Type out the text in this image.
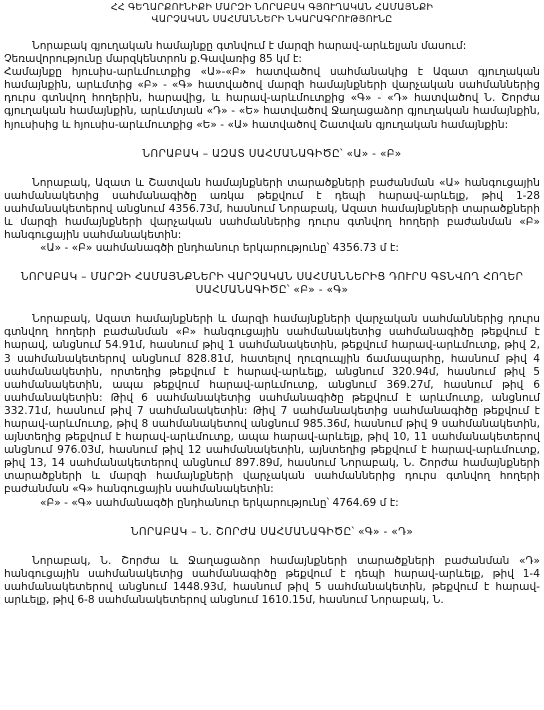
ՀՀ ԳԵՂԱՐՔՈՒՆԻՔԻ ՄԱՐԶԻ ՆՈՐԱԲԱԿ ԳՅՈՒՂԱԿԱՆ ՀԱՄԱՅՆՔԻ
ՎԱՐՉԱԿԱՆ ՍԱՀՄԱՆՆԵՐԻ ՆԿԱՐԱԳՐՈՒԹՅՈՒՆԸ

Նորաբակ գյուղական համայնքը գտնվում է մարզի հարավ-արևելյան մասում:

Չեռավորությունը մարզկենտրոն ք.Գավառից 85 կմ է:

Համայնքը հյուսիս-արևմուտքից «Ա»-«Բ» հատվածով սահմանակից է Ազատ գյուղական համայնքին, արևմտից «Բ» - «Գ» հատվածով մարզի համայնքների վարչական սահմաններից դուրս գտնվող հողերին, հարավից, և հարավ-արևմուտքից «Գ» - «Դ» հատվածով Ն. Շորժա գյուղական համայնքին, արևմտյան «Դ» - «Ե» հատվածով Ջաղացաձոր գյուղական համայնքին, հյուսիսից և հյուսիս-արևմուտքից «Ե» - «Ա» հատվածով Շատվան գյուղական համայնքին:

ՆՈՐԱԲԱԿ – ԱԶԱՏ ՍԱՀՄԱՆԱԳԻԾԸ՝ «Ա» - «Բ»

Նորաբակ, Ազատ և Շատվան համայնքների տարածքների բաժանման «Ա» հանգուցային սահմանակետից սահմանագիծը առկա թեքվում է դեպի հարավ-արևելք, թիվ 1-28 սահմանակետերով անցնում 4356.73մ, հասնում Նորաբակ, Ազատ համայնքների տարածքների և մարզի համայնքների վարչական սահմաններից դուրս գտնվող հողերի բաժանման «Բ» հանգուցային սահմանակետին:

«Ա» - «Բ» սահմանագծի ընդհանուր երկարությունը՝ 4356.73 մ է:

ՆՈՐԱԲԱԿ – ՄԱՐԶԻ ՀԱՄԱՅՆՔՆԵՐԻ ՎԱՐՉԱԿԱՆ ՍԱՀՄԱՆՆԵՐԻՑ ԴՈՒՐՍ ԳՏՆՎՈՂ ՀՈՂԵՐ
ՍԱՀՄԱՆԱԳԻԾԸ՝ «Բ» - «Գ»

Նորաբակ, Ազատ համայնքների և մարզի համայնքների վարչական սահմաններից դուրս գտնվող հողերի բաժանման «Բ» հանգուցային սահմանակետից սահմանագիծը թեքվում է հարավ, անցնում 54.91մ, հասնում թիվ 1 սահմանակետին, թեքվում հարավ-արևմուտք, թիվ 2, 3 սահմանակետերով անցնում 828.81մ, հատելով ղուզուպյին ճամապարհը, հասնում թիվ 4 սահմանակետին, որտեղից թեքվում է հարավ-արևելք, անցնում 320.94մ, հասնում թիվ 5 սահմանակետին, ապա թեքվում հարավ-արևմուտք, անցնում 369.27մ, հասնում թիվ 6 սահմանակետին: Թիվ 6 սահմանակետից սահմանագիծը թեքվում է արևմուտք, անցնում 332.71մ, հասնում թիվ 7 սահմանակետին: Թիվ 7 սահմանակետից սահմանագիծը թեքվում է հարավ-արևմուտք, թիվ 8 սահմանակետով անցնում 985.36մ, հասնում թիվ 9 սահմանակետին, այնտեղից թեքվում է հարավ-արևմուտք, ապա հարավ-արևելք, թիվ 10, 11 սահմանակետերով անցնում 976.03մ, հասնում թիվ 12 սահմանակետին, այնտեղից թեքվում է հարավ-արևմուտք, թիվ 13, 14 սահմանակետերով անցնում 897.89մ, հասնում Նորաբակ, Ն. Շորժա համայնքների տարածքների և մարզի համայնքների վարչական սահմաններից դուրս գտնվող հողերի բաժանման «Գ» հանգուցային սահմանակետին:

«Բ» - «Գ» սահմանագծի ընդհանուր երկարությունը՝ 4764.69 մ է:

ՆՈՐԱԲԱԿ – Ն. ՇՈՐԺԱ ՍԱՀՄԱՆԱԳԻԾԸ՝ «Գ» - «Դ»

Նորաբակ, Ն. Շորժա և Ջաղացաձոր համայնքների տարածքների բաժանման «Դ» հանգուցային սահմանակետից սահմանագիծը թեքվում է դեպի հարավ-արևելք, թիվ 1-4 սահմանակետերով անցնում 1448.93մ, հասնում թիվ 5 սահմանակետին, թեքվում է հարավ-արևելք, թիվ 6-8 սահմանակետերով անցնում 1610.15մ, հասնում Նորաբակ, Ն.
